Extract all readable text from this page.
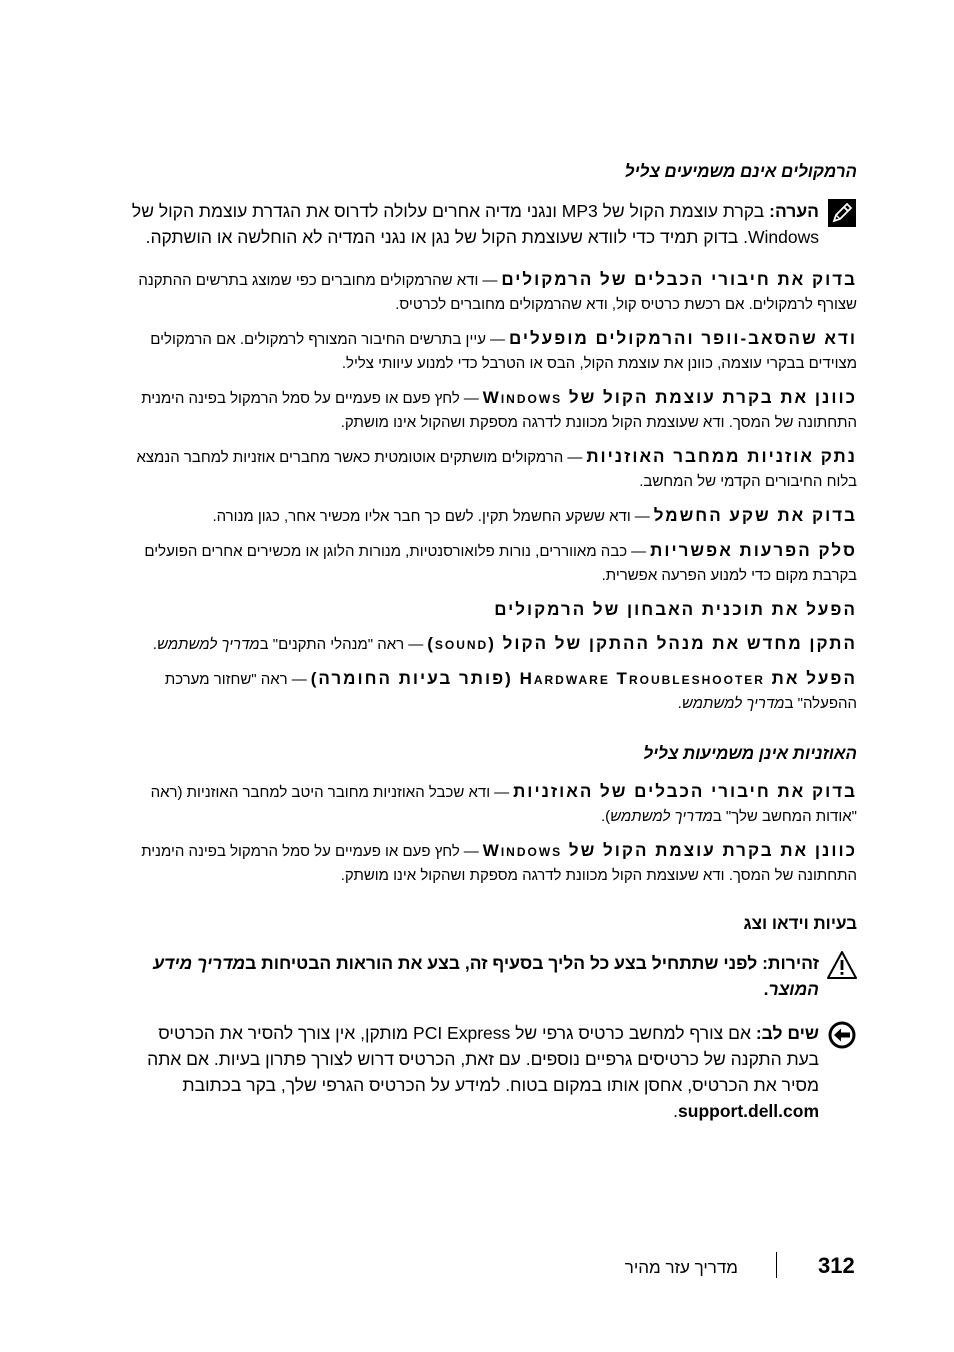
הרמקולים אינם משמיעים צליל

הערה: בקרת עוצמת הקול של MP3 ונגני מדיה אחרים עלולה לדרוס את הגדרת עוצמת הקול של Windows. בדוק תמיד כדי לוודא שעוצמת הקול של נגן או נגני המדיה לא הוחלשה או הושתקה.

בדוק את חיבורי הכבלים של הרמקולים—ודא שהרמקולים מחוברים כפי שמוצג בתרשים ההתקנה שצורף לרמקולים. אם רכשת כרטיס קול, ודא שהרמקולים מחוברים לכרטיס.
ודא שהסאב-וופר והרמקולים מופעלים—עיין בתרשים החיבור המצורף לרמקולים. אם הרמקולים מצוידים בבקרי עוצמה, כוונן את עוצמת הקול, הבס או הטרבל כדי למנוע עיוותי צליל.
כוונן את בקרת עוצמת הקול של Windows—לחץ פעם או פעמיים על סמל הרמקול בפינה הימנית התחתונה של המסך. ודא שעוצמת הקול מכוונת לדרגה מספקת ושהקול אינו מושתק.
נתק אוזניות ממחבר האוזניות—הרמקולים מושתקים אוטומטית כאשר מחברים אוזניות למחבר הנמצא בלוח החיבורים הקדמי של המחשב.
בדוק את שקע החשמל—ודא ששקע החשמל תקין. לשם כך חבר אליו מכשיר אחר, כגון מנורה.
סלק הפרעות אפשריות—כבה מאווררים, נורות פלואורסנטיות, מנורות הלוגן או מכשירים אחרים הפועלים בקרבת מקום כדי למנוע הפרעה אפשרית.
הפעל את תוכנית האבחון של הרמקולים
התקן מחדש את מנהל ההתקן של הקול (sound)—ראה "מנהלי התקנים" במדריך למשתמש.
הפעל את Hardware Troubleshooter (פותר בעיות החומרה)—ראה "שחזור מערכת ההפעלה" במדריך למשתמש.
האוזניות אינן משמיעות צליל
בדוק את חיבורי הכבלים של האוזניות—ודא שכבל האוזניות מחובר היטב למחבר האוזניות (ראה "אודות המחשב שלך" במדריך למשתמש).
כוונן את בקרת עוצמת הקול של Windows—לחץ פעם או פעמיים על סמל הרמקול בפינה הימנית התחתונה של המסך. ודא שעוצמת הקול מכוונת לדרגה מספקת ושהקול אינו מושתק.
בעיות וידאו וצג

זהירות: לפני שתתחיל בצע כל הליך בסעיף זה, בצע את הוראות הבטיחות במדריך מידע המוצר.

שים לב: אם צורף למחשב כרטיס גרפי של PCI Express מותקן, אין צורך להסיר את הכרטיס בעת התקנה של כרטיסים גרפיים נוספים. עם זאת, הכרטיס דרוש לצורך פתרון בעיות. אם אתה מסיר את הכרטיס, אחסן אותו במקום בטוח. למידע על הכרטיס הגרפי שלך, בקר בכתובת support.dell.com.

312
מדריך עזר מהיר
